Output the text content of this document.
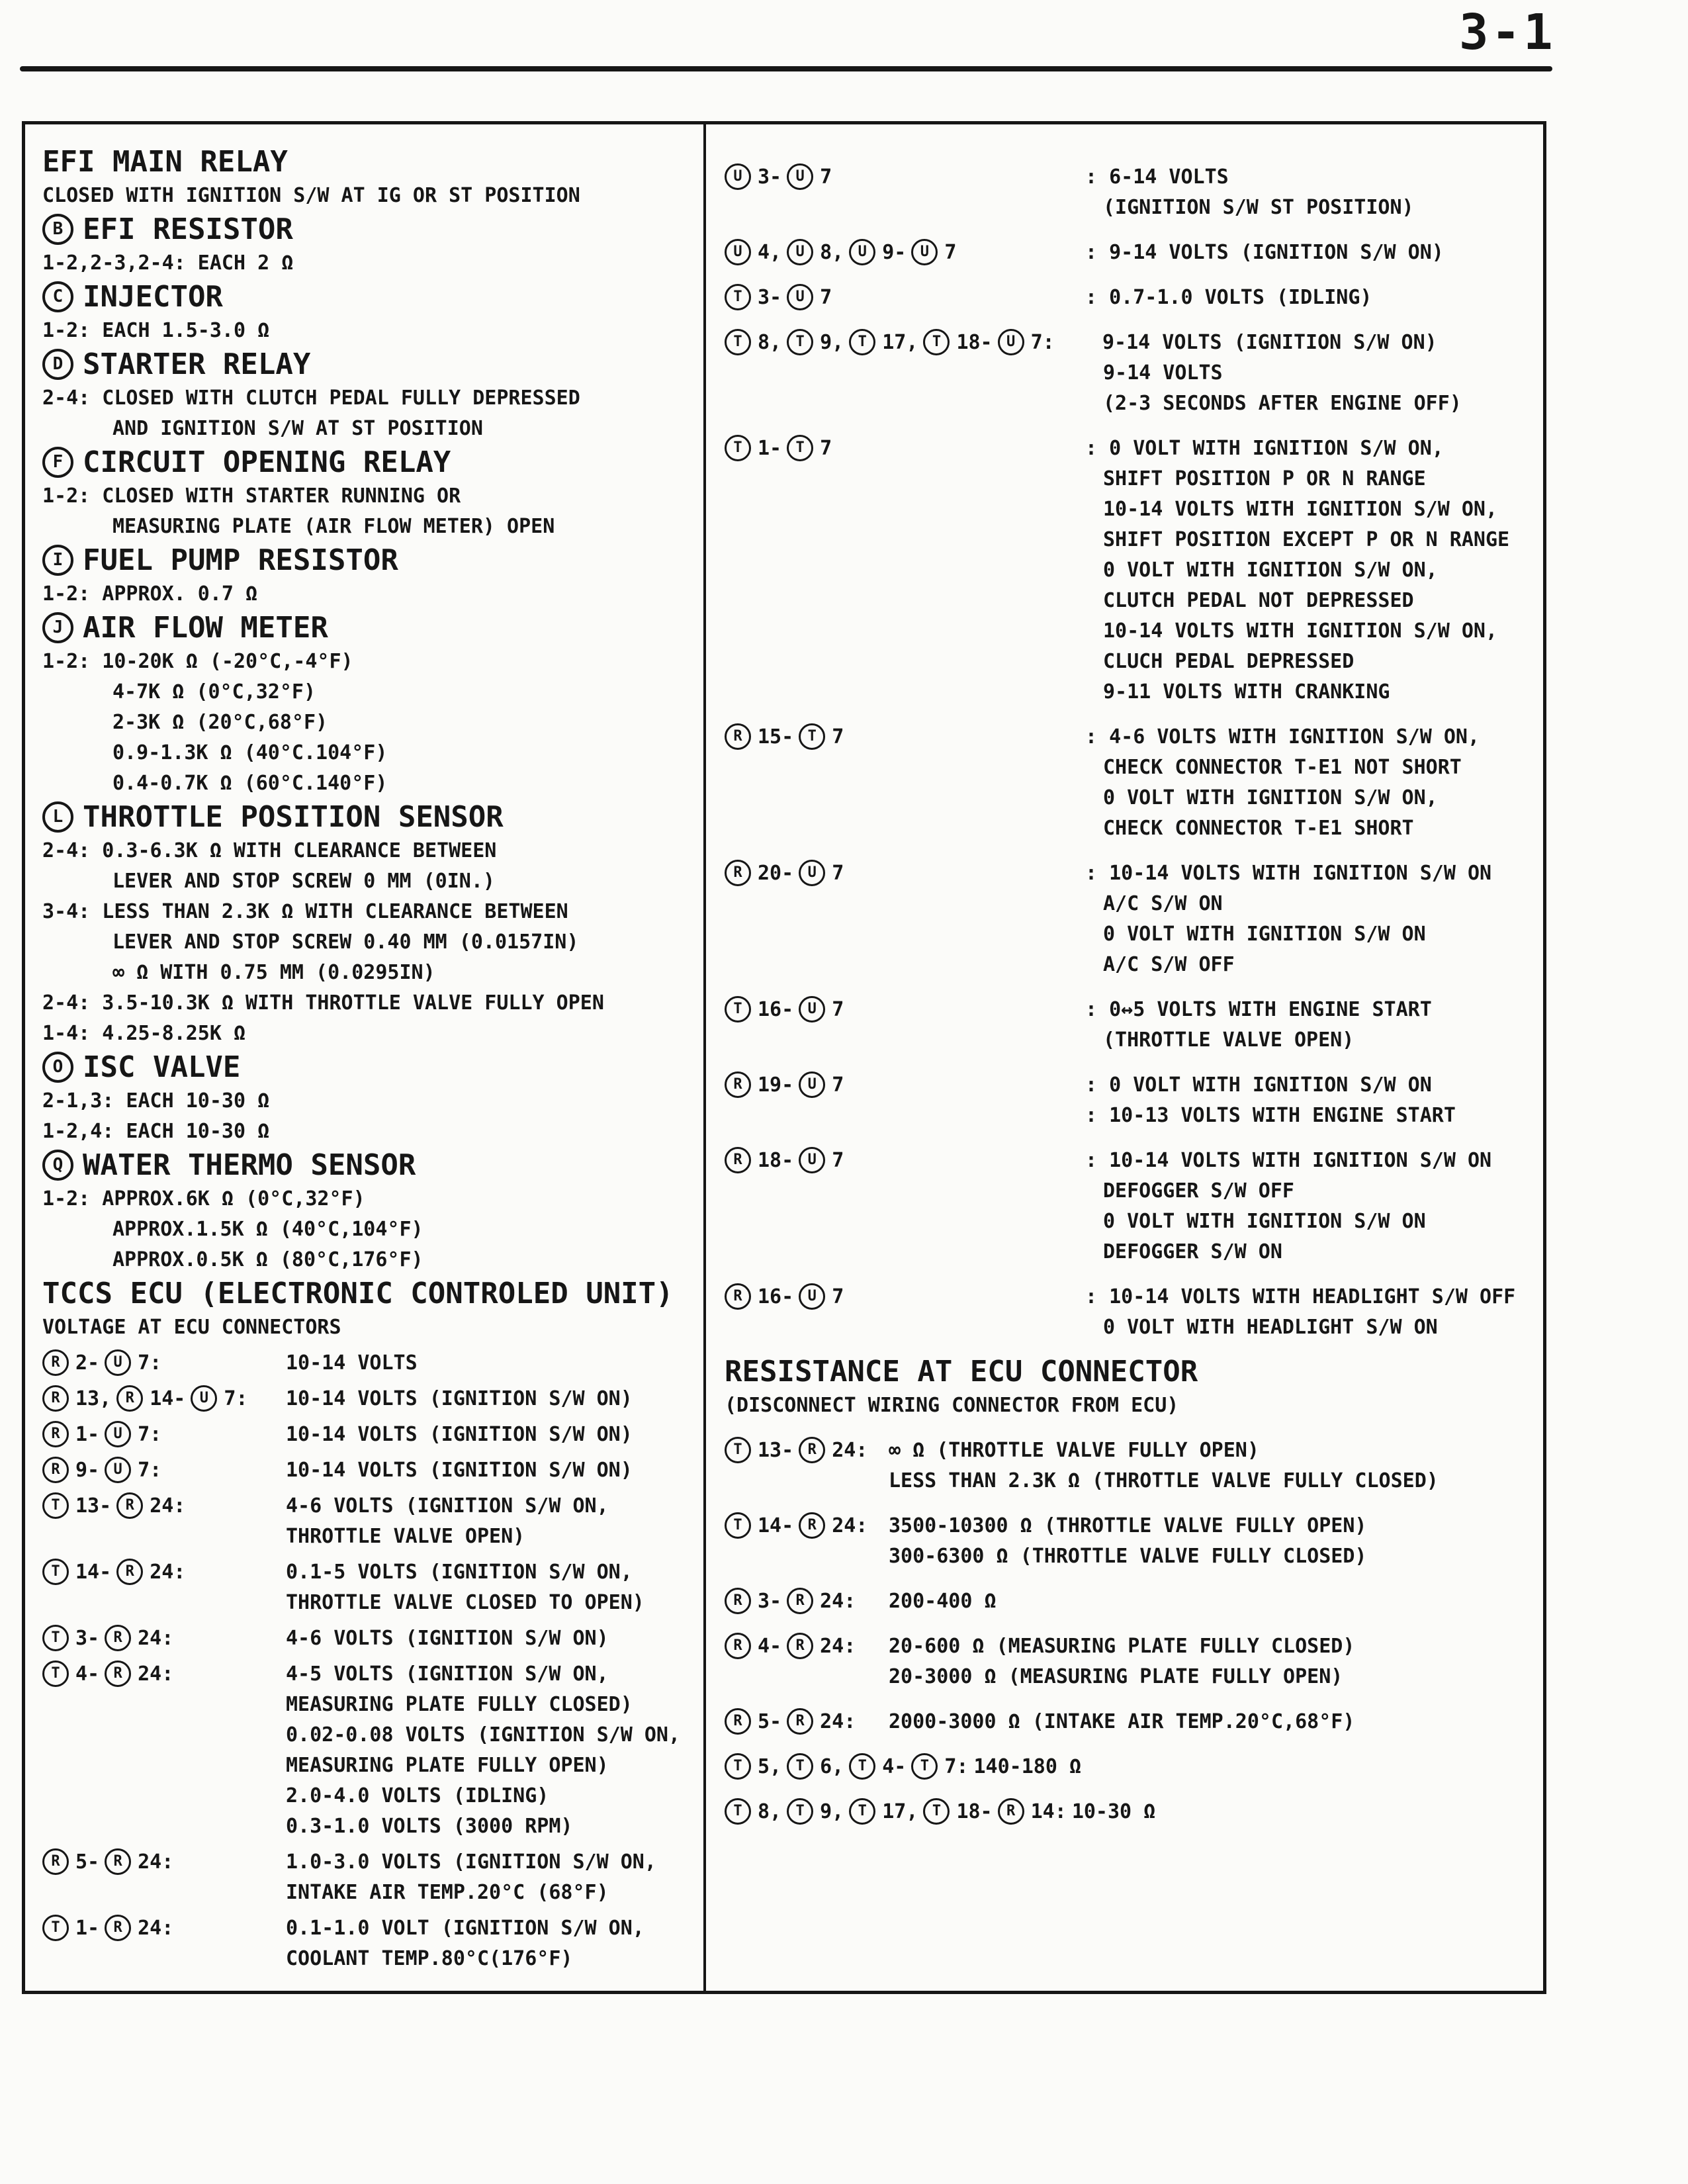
3-1
EFI MAIN RELAY
CLOSED WITH IGNITION S/W AT IG OR ST POSITION
B EFI RESISTOR
1-2,2-3,2-4: EACH 2 Ω
C INJECTOR
1-2: EACH 1.5-3.0 Ω
D STARTER RELAY
2-4: CLOSED WITH CLUTCH PEDAL FULLY DEPRESSED
AND IGNITION S/W AT ST POSITION
F CIRCUIT OPENING RELAY
1-2: CLOSED WITH STARTER RUNNING OR
MEASURING PLATE (AIR FLOW METER) OPEN
I FUEL PUMP RESISTOR
1-2: APPROX. 0.7 Ω
J AIR FLOW METER
1-2: 10-20K Ω (-20°C,-4°F)
4-7K Ω (0°C,32°F)
2-3K Ω (20°C,68°F)
0.9-1.3K Ω (40°C.104°F)
0.4-0.7K Ω (60°C.140°F)
L THROTTLE POSITION SENSOR
2-4: 0.3-6.3K Ω WITH CLEARANCE BETWEEN
LEVER AND STOP SCREW 0 MM (0IN.)
3-4: LESS THAN 2.3K Ω WITH CLEARANCE BETWEEN
LEVER AND STOP SCREW 0.40 MM (0.0157IN)
∞ Ω WITH 0.75 MM (0.0295IN)
2-4: 3.5-10.3K Ω WITH THROTTLE VALVE FULLY OPEN
1-4: 4.25-8.25K Ω
O ISC VALVE
2-1,3: EACH 10-30 Ω
1-2,4: EACH 10-30 Ω
Q WATER THERMO SENSOR
1-2: APPROX.6K Ω (0°C,32°F)
APPROX.1.5K Ω (40°C,104°F)
APPROX.0.5K Ω (80°C,176°F)
TCCS ECU (ELECTRONIC CONTROLED UNIT)
VOLTAGE AT ECU CONNECTORS
R 2- U 7:	10-14 VOLTS
R 13, R 14- U 7: 10-14 VOLTS (IGNITION S/W ON)
R 1- U 7:	10-14 VOLTS (IGNITION S/W ON)
R 9- U 7:	10-14 VOLTS (IGNITION S/W ON)
T 13- R 24:	4-6 VOLTS (IGNITION S/W ON,
THROTTLE VALVE OPEN)
T 14- R 24:	0.1-5 VOLTS (IGNITION S/W ON,
THROTTLE VALVE CLOSED TO OPEN)
T 3- R 24:	4-6 VOLTS (IGNITION S/W ON)
T 4- R 24:	4-5 VOLTS (IGNITION S/W ON,
MEASURING PLATE FULLY CLOSED)
0.02-0.08 VOLTS (IGNITION S/W ON,
MEASURING PLATE FULLY OPEN)
2.0-4.0 VOLTS (IDLING)
0.3-1.0 VOLTS (3000 RPM)
R 5- R 24:	1.0-3.0 VOLTS (IGNITION S/W ON,
INTAKE AIR TEMP.20°C (68°F)
T 1- R 24:	0.1-1.0 VOLT (IGNITION S/W ON,
COOLANT TEMP.80°C(176°F)
U 3- U 7	: 6-14 VOLTS
(IGNITION S/W ST POSITION)
U 4, U 8, U 9- U 7	: 9-14 VOLTS (IGNITION S/W ON)
T 3- U 7	: 0.7-1.0 VOLTS (IDLING)
T 8, T 9, T 17, T 18- U 7:	9-14 VOLTS (IGNITION S/W ON)
9-14 VOLTS
(2-3 SECONDS AFTER ENGINE OFF)
T 1- T 7	: 0 VOLT WITH IGNITION S/W ON,
SHIFT POSITION P OR N RANGE
10-14 VOLTS WITH IGNITION S/W ON,
SHIFT POSITION EXCEPT P OR N RANGE
0 VOLT WITH IGNITION S/W ON,
CLUTCH PEDAL NOT DEPRESSED
10-14 VOLTS WITH IGNITION S/W ON,
CLUCH PEDAL DEPRESSED
9-11 VOLTS WITH CRANKING
R 15- T 7	: 4-6 VOLTS WITH IGNITION S/W ON,
CHECK CONNECTOR T-E1 NOT SHORT
0 VOLT WITH IGNITION S/W ON,
CHECK CONNECTOR T-E1 SHORT
R 20- U 7	: 10-14 VOLTS WITH IGNITION S/W ON
A/C S/W ON
0 VOLT WITH IGNITION S/W ON
A/C S/W OFF
T 16- U 7	: 0↔5 VOLTS WITH ENGINE START
(THROTTLE VALVE OPEN)
R 19- U 7	: 0 VOLT WITH IGNITION S/W ON
: 10-13 VOLTS WITH ENGINE START
R 18- U 7	: 10-14 VOLTS WITH IGNITION S/W ON
DEFOGGER S/W OFF
0 VOLT WITH IGNITION S/W ON
DEFOGGER S/W ON
R 16- U 7	: 10-14 VOLTS WITH HEADLIGHT S/W OFF
0 VOLT WITH HEADLIGHT S/W ON
RESISTANCE AT ECU CONNECTOR
(DISCONNECT WIRING CONNECTOR FROM ECU)
T 13- R 24: ∞ Ω (THROTTLE VALVE FULLY OPEN)
LESS THAN 2.3K Ω (THROTTLE VALVE FULLY CLOSED)
T 14- R 24: 3500-10300 Ω (THROTTLE VALVE FULLY OPEN)
300-6300 Ω (THROTTLE VALVE FULLY CLOSED)
R 3- R 24: 200-400 Ω
R 4- R 24: 20-600 Ω (MEASURING PLATE FULLY CLOSED)
20-3000 Ω (MEASURING PLATE FULLY OPEN)
R 5- R 24: 2000-3000 Ω (INTAKE AIR TEMP.20°C,68°F)
T 5, T 6, T 4- T 7: 140-180 Ω
T 8, T 9, T 17, T 18- R 14: 10-30 Ω
